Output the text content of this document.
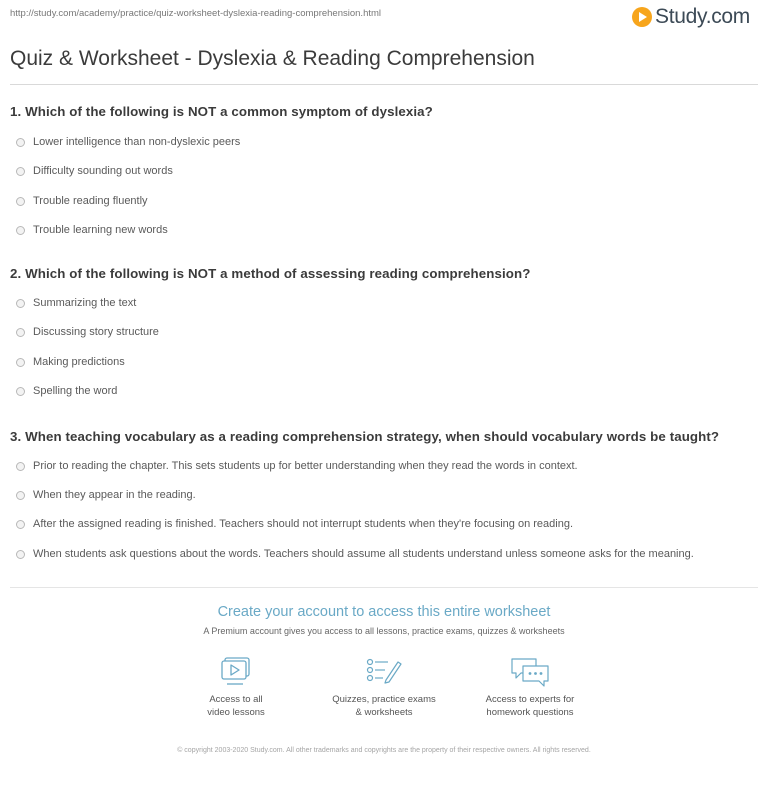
http://study.com/academy/practice/quiz-worksheet-dyslexia-reading-comprehension.html	Study.com
Quiz & Worksheet - Dyslexia & Reading Comprehension
1. Which of the following is NOT a common symptom of dyslexia?
Lower intelligence than non-dyslexic peers
Difficulty sounding out words
Trouble reading fluently
Trouble learning new words
2. Which of the following is NOT a method of assessing reading comprehension?
Summarizing the text
Discussing story structure
Making predictions
Spelling the word
3. When teaching vocabulary as a reading comprehension strategy, when should vocabulary words be taught?
Prior to reading the chapter. This sets students up for better understanding when they read the words in context.
When they appear in the reading.
After the assigned reading is finished. Teachers should not interrupt students when they're focusing on reading.
When students ask questions about the words. Teachers should assume all students understand unless someone asks for the meaning.
Create your account to access this entire worksheet
A Premium account gives you access to all lessons, practice exams, quizzes & worksheets
Access to all
video lessons
Quizzes, practice exams
& worksheets
Access to experts for
homework questions
© copyright 2003-2020 Study.com. All other trademarks and copyrights are the property of their respective owners. All rights reserved.
